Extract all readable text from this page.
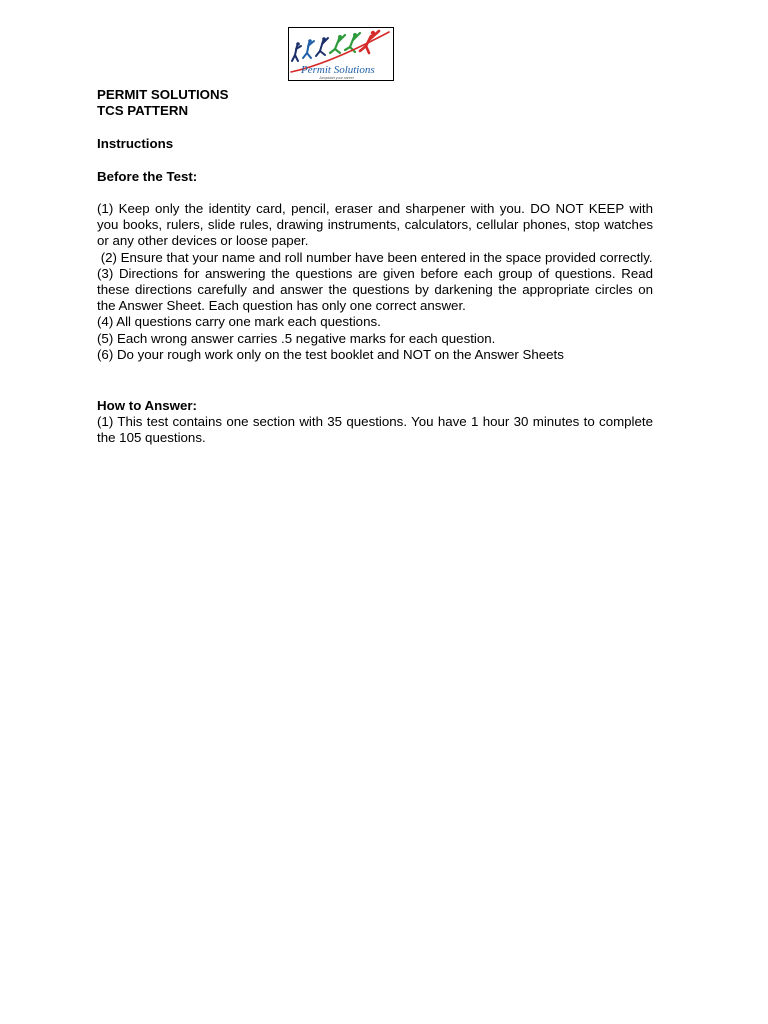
Permit Solutions
Jumpstart your career

PERMIT SOLUTIONS

TCS PATTERN

Instructions
Before the Test:

(1) Keep only the identity card, pencil, eraser and sharpener with you. DO NOT KEEP with you books, rulers, slide rules, drawing instruments, calculators, cellular phones, stop watches or any other devices or loose paper.

(2) Ensure that your name and roll number have been entered in the space provided correctly.

(3) Directions for answering the questions are given before each group of questions. Read these directions carefully and answer the questions by darkening the appropriate circles on the Answer Sheet. Each question has only one correct answer.

(4) All questions carry one mark each questions.

(5) Each wrong answer carries .5 negative marks for each question.

(6) Do your rough work only on the test booklet and NOT on the Answer Sheets

How to Answer:

(1) This test contains one section with 35 questions. You have 1 hour 30 minutes to complete the 105 questions.
